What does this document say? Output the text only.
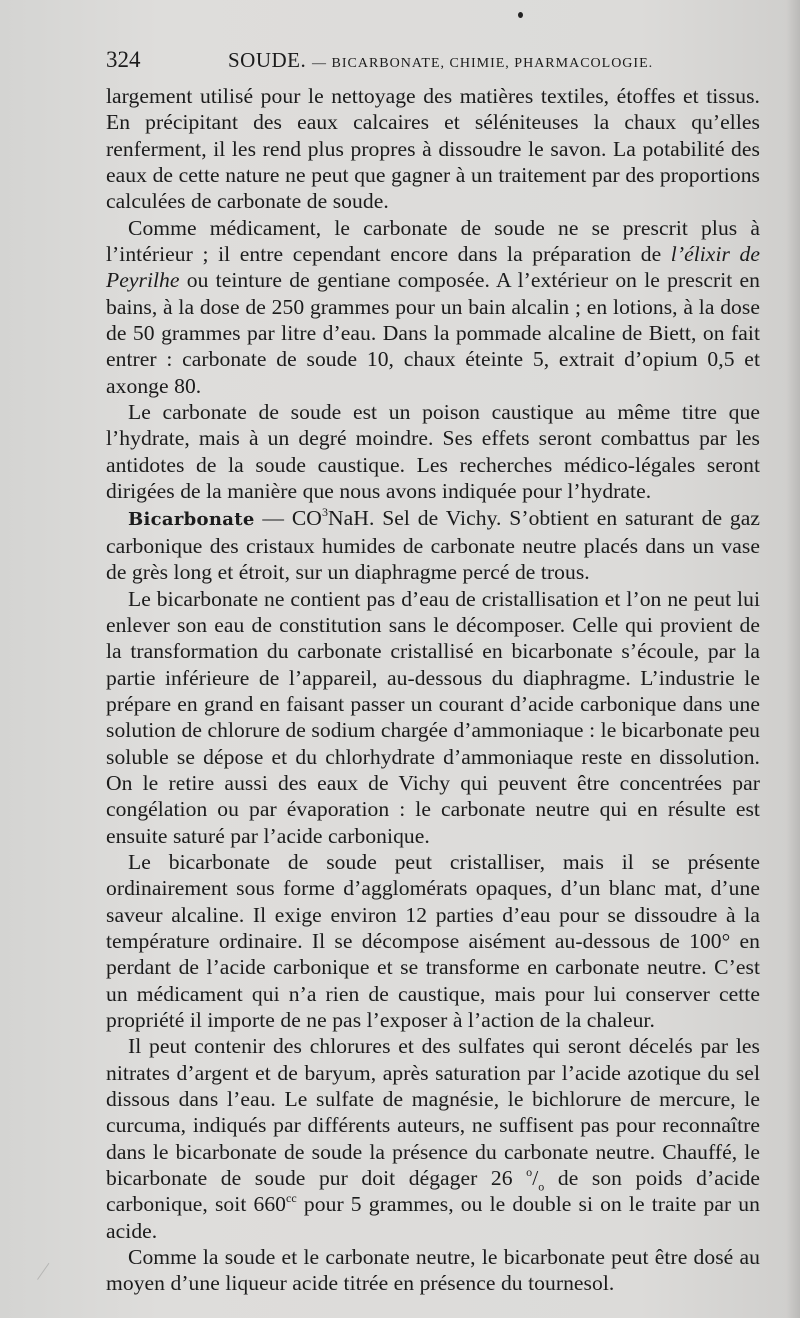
324	SOUDE. — BICARBONATE, CHIMIE, PHARMACOLOGIE.

largement utilisé pour le nettoyage des matières textiles, étoffes et tissus. En précipitant des eaux calcaires et séléniteuses la chaux qu’elles renferment, il les rend plus propres à dissoudre le savon. La potabilité des eaux de cette nature ne peut que gagner à un traitement par des proportions calculées de carbonate de soude.

Comme médicament, le carbonate de soude ne se prescrit plus à l’intérieur ; il entre cependant encore dans la préparation de l’élixir de Peyrilhe ou teinture de gentiane composée. A l’extérieur on le prescrit en bains, à la dose de 250 grammes pour un bain alcalin ; en lotions, à la dose de 50 grammes par litre d’eau. Dans la pommade alcaline de Biett, on fait entrer : carbonate de soude 10, chaux éteinte 5, extrait d’opium 0,5 et axonge 80.

Le carbonate de soude est un poison caustique au même titre que l’hydrate, mais à un degré moindre. Ses effets seront combattus par les antidotes de la soude caustique. Les recherches médico-légales seront dirigées de la manière que nous avons indiquée pour l’hydrate.

Bicarbonate — $CO^3NaH$. Sel de Vichy. S’obtient en saturant de gaz carbonique des cristaux humides de carbonate neutre placés dans un vase de grès long et étroit, sur un diaphragme percé de trous.

Le bicarbonate ne contient pas d’eau de cristallisation et l’on ne peut lui enlever son eau de constitution sans le décomposer. Celle qui provient de la transformation du carbonate cristallisé en bicarbonate s’écoule, par la partie inférieure de l’appareil, au-dessous du diaphragme. L’industrie le prépare en grand en faisant passer un courant d’acide carbonique dans une solution de chlorure de sodium chargée d’ammoniaque : le bicarbonate peu soluble se dépose et du chlorhydrate d’ammoniaque reste en dissolution. On le retire aussi des eaux de Vichy qui peuvent être concentrées par congélation ou par évaporation : le carbonate neutre qui en résulte est ensuite saturé par l’acide carbonique.

Le bicarbonate de soude peut cristalliser, mais il se présente ordinairement sous forme d’agglomérats opaques, d’un blanc mat, d’une saveur alcaline. Il exige environ 12 parties d’eau pour se dissoudre à la température ordinaire. Il se décompose aisément au-dessous de 100° en perdant de l’acide carbonique et se transforme en carbonate neutre. C’est un médicament qui n’a rien de caustique, mais pour lui conserver cette propriété il importe de ne pas l’exposer à l’action de la chaleur.

Il peut contenir des chlorures et des sulfates qui seront décelés par les nitrates d’argent et de baryum, après saturation par l’acide azotique du sel dissous dans l’eau. Le sulfate de magnésie, le bichlorure de mercure, le curcuma, indiqués par différents auteurs, ne suffisent pas pour reconnaître dans le bicarbonate de soude la présence du carbonate neutre. Chauffé, le bicarbonate de soude pur doit dégager 26 $^o/_o$ de son poids d’acide carbonique, soit $660^{cc}$ pour 5 grammes, ou le double si on le traite par un acide.

Comme la soude et le carbonate neutre, le bicarbonate peut être dosé au moyen d’une liqueur acide titrée en présence du tournesol.
